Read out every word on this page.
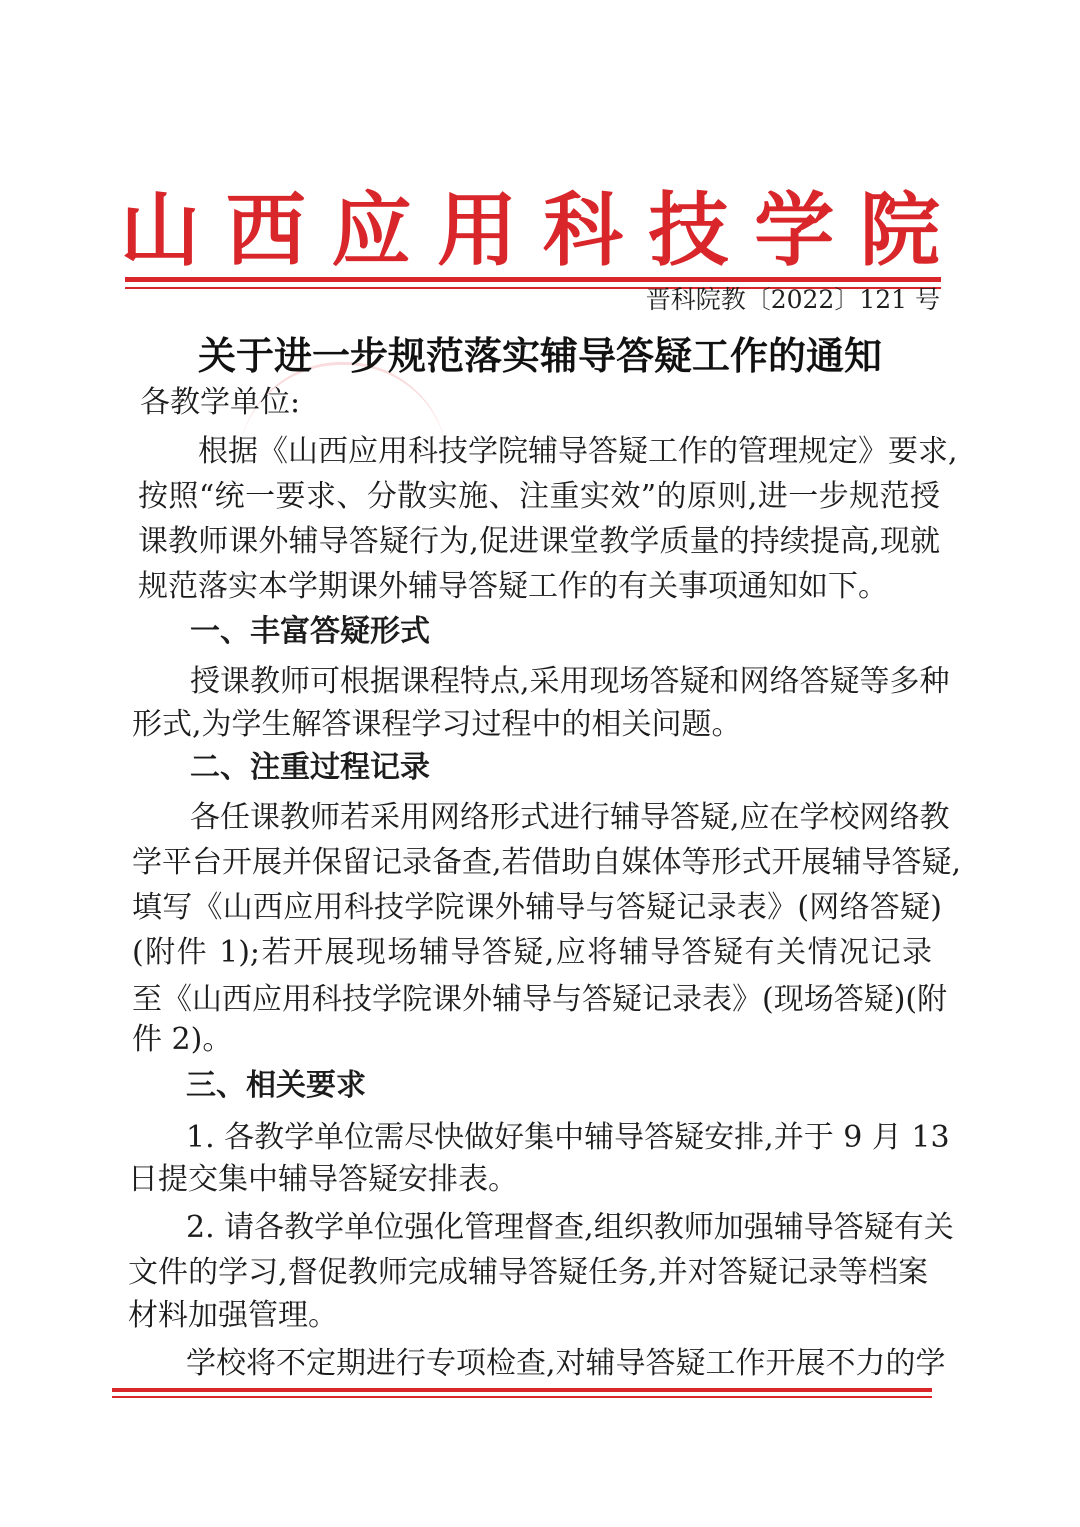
山 西 应 用 科 技 学 院
晋科院教〔2022〕121 号
关于进一步规范落实辅导答疑工作的通知
各教学单位:
根据《山西应用科技学院辅导答疑工作的管理规定》要求,
按照“统一要求、分散实施、注重实效”的原则,进一步规范授
课教师课外辅导答疑行为,促进课堂教学质量的持续提高,现就
规范落实本学期课外辅导答疑工作的有关事项通知如下。
一、丰富答疑形式
授课教师可根据课程特点,采用现场答疑和网络答疑等多种
形式,为学生解答课程学习过程中的相关问题。
二、注重过程记录
各任课教师若采用网络形式进行辅导答疑,应在学校网络教
学平台开展并保留记录备查,若借助自媒体等形式开展辅导答疑,
填写《山西应用科技学院课外辅导与答疑记录表》(网络答疑)
(附件 1);若开展现场辅导答疑,应将辅导答疑有关情况记录
至《山西应用科技学院课外辅导与答疑记录表》(现场答疑)(附
件 2)。
三、相关要求
1. 各教学单位需尽快做好集中辅导答疑安排,并于 9 月 13
日提交集中辅导答疑安排表。
2. 请各教学单位强化管理督查,组织教师加强辅导答疑有关
文件的学习,督促教师完成辅导答疑任务,并对答疑记录等档案
材料加强管理。
学校将不定期进行专项检查,对辅导答疑工作开展不力的学
